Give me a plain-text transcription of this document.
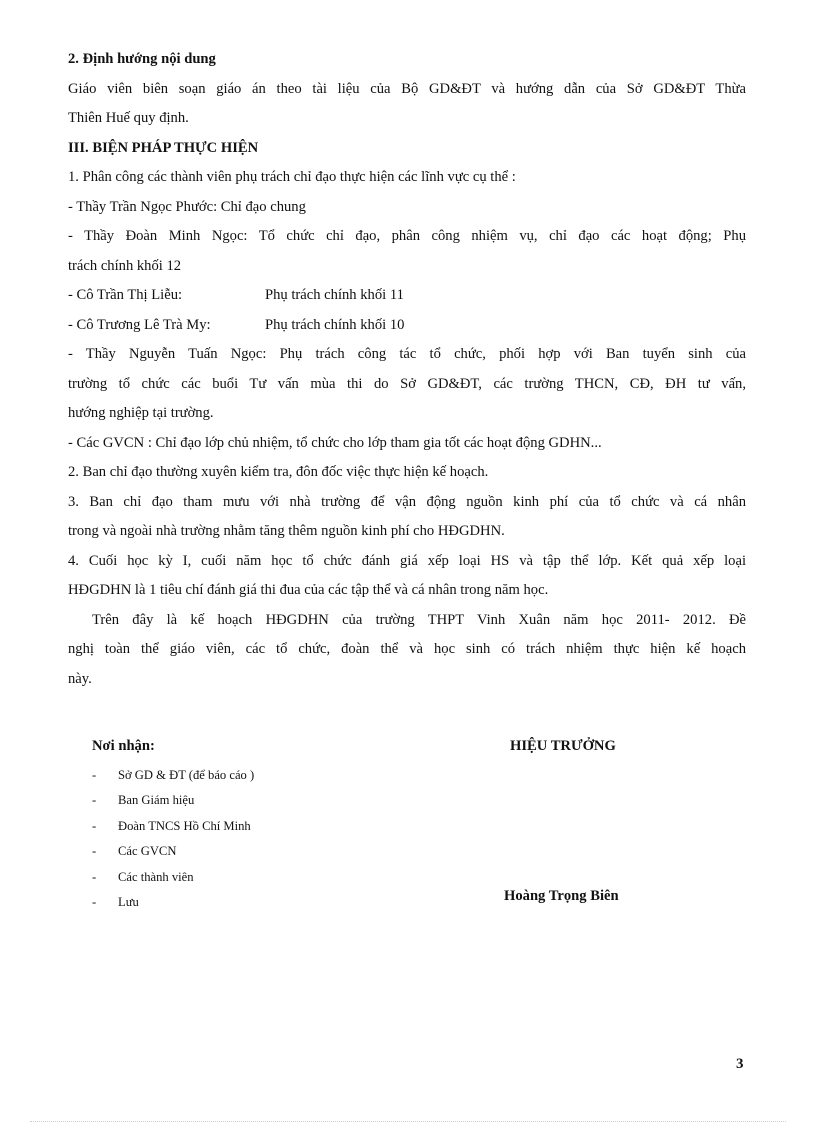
2. Định hướng nội dung
Giáo viên biên soạn giáo án theo tài liệu của Bộ GD&ĐT và hướng dẫn của Sở GD&ĐT Thừa
Thiên Huế quy định.
III. BIỆN PHÁP THỰC HIỆN
1. Phân công các thành viên phụ trách chỉ đạo thực hiện các lĩnh vực cụ thể :
- Thầy Trần Ngọc Phước: Chỉ đạo chung
- Thầy Đoàn Minh Ngọc: Tổ chức chỉ đạo, phân công nhiệm vụ, chỉ đạo các hoạt động; Phụ
trách chính khối 12
- Cô Trần Thị Liễu:	Phụ trách chính khối 11
- Cô Trương Lê Trà My:	Phụ trách chính khối 10
- Thầy Nguyễn Tuấn Ngọc: Phụ trách công tác tổ chức, phối hợp với Ban tuyển sinh của
trường tổ chức các buổi Tư vấn mùa thi do Sở GD&ĐT, các trường THCN, CĐ, ĐH tư vấn,
hướng nghiệp tại trường.
- Các GVCN : Chỉ đạo lớp chủ nhiệm, tổ chức cho lớp tham gia tốt các hoạt động GDHN...
2. Ban chỉ đạo thường xuyên kiểm tra, đôn đốc việc thực hiện kế hoạch.
3. Ban chỉ đạo tham mưu với nhà trường để vận động nguồn kinh phí của tổ chức và cá nhân
trong và ngoài nhà trường nhằm tăng thêm nguồn kinh phí cho HĐGDHN.
4. Cuối học kỳ I, cuối năm học tổ chức đánh giá xếp loại HS và tập thể lớp. Kết quả xếp loại
HĐGDHN là 1 tiêu chí đánh giá thi đua của các tập thể và cá nhân trong năm học.
Trên đây là kế hoạch HĐGDHN của trường THPT Vinh Xuân năm học 2011- 2012. Đề
nghị toàn thể giáo viên, các tổ chức, đoàn thể và học sinh có trách nhiệm thực hiện kế hoạch
này.
Nơi nhận:
- Sở GD & ĐT (để báo cáo )
- Ban Giám hiệu
- Đoàn TNCS Hồ Chí Minh
- Các GVCN
- Các thành viên
- Lưu
HIỆU TRƯỞNG
Hoàng Trọng Biên
3
